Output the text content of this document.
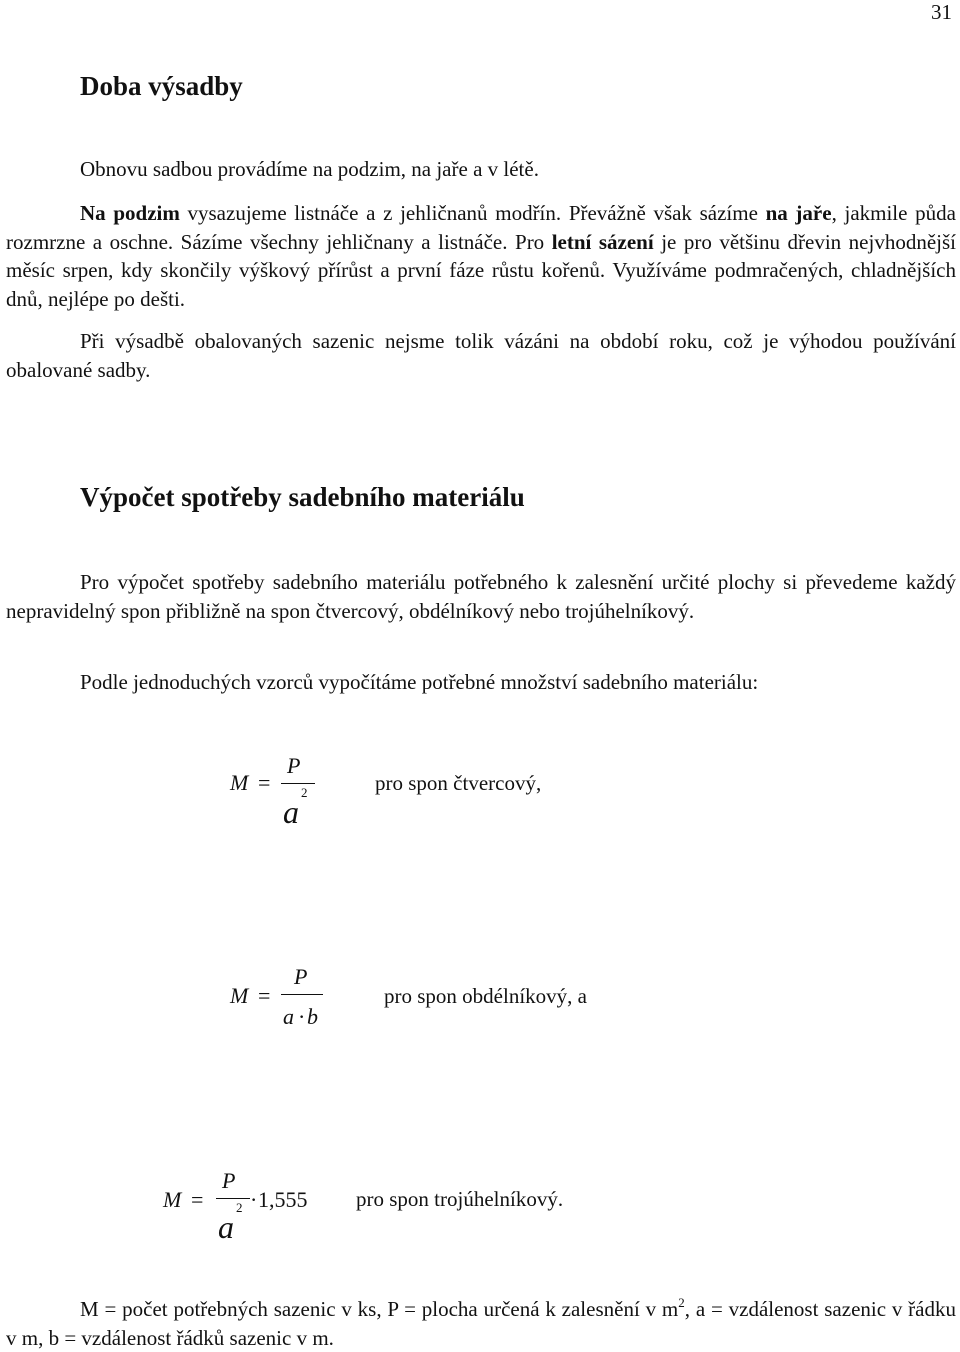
31
Doba výsadby

Obnovu sadbou provádíme na podzim, na jaře a v létě.

Na podzim vysazujeme listnáče a z jehličnanů modřín. Převážně však sázíme na jaře, jakmile půda rozmrzne a oschne. Sázíme všechny jehličnany a listnáče. Pro letní sázení je pro většinu dřevin nejvhodnější měsíc srpen, kdy skončily výškový přírůst a první fáze růstu kořenů. Využíváme podmračených, chladnějších dnů, nejlépe po dešti.

Při výsadbě obalovaných sazenic nejsme tolik vázáni na období roku, což je výhodou používání obalované sadby.

Výpočet spotřeby sadebního materiálu

Pro výpočet spotřeby sadebního materiálu potřebného k zalesnění určité plochy si převedeme každý nepravidelný spon přibližně na spon čtvercový, obdélníkový nebo trojúhelníkový.

Podle jednoduchých vzorců vypočítáme potřebné množství sadebního materiálu:

M =
P
2
a
pro spon čtvercový,
M =
P
a · b
pro spon obdélníkový, a
M =
P
2
a
· 1,555 pro spon trojúhelníkový.

M = počet potřebných sazenic v ks, P = plocha určená k zalesnění v $m^2$, a = vzdálenost sazenic v řádku v m, b = vzdálenost řádků sazenic v m.
